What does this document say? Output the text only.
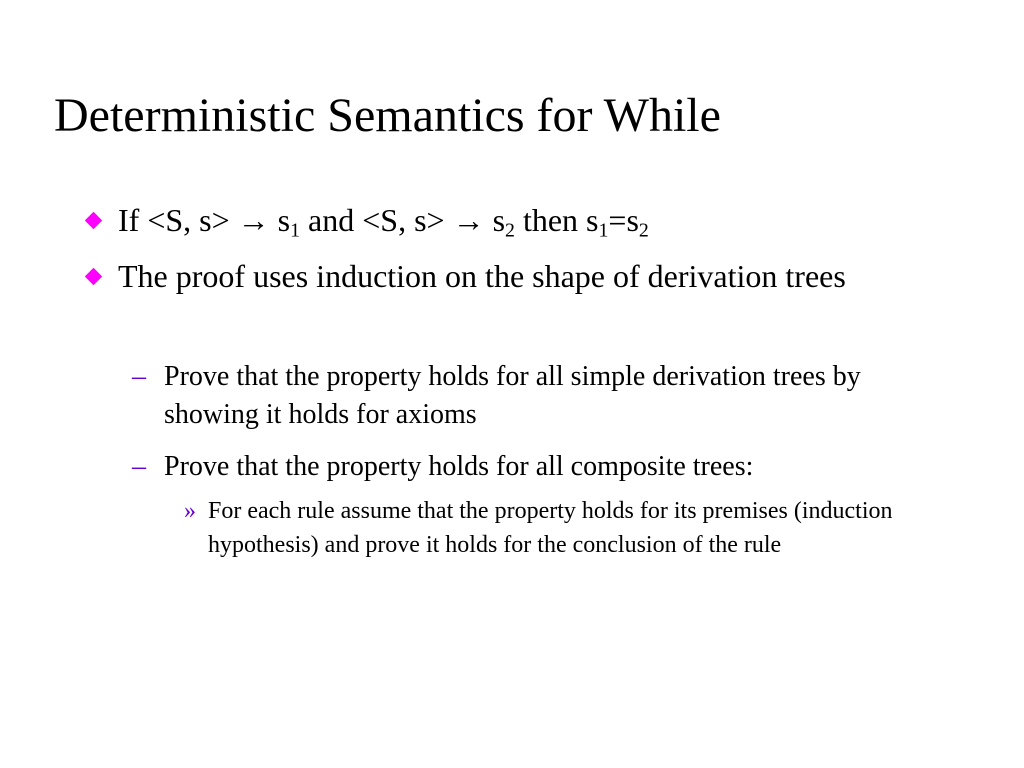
Deterministic Semantics for While
If <S, $s> \to s_1$ and <S, $s> \to s_2$ then $s_1=s_2$
The proof uses induction on the shape of derivation trees
– Prove that the property holds for all simple derivation trees by showing it holds for axioms
– Prove that the property holds for all composite trees:
» For each rule assume that the property holds for its premises (induction hypothesis) and prove it holds for the conclusion of the rule
